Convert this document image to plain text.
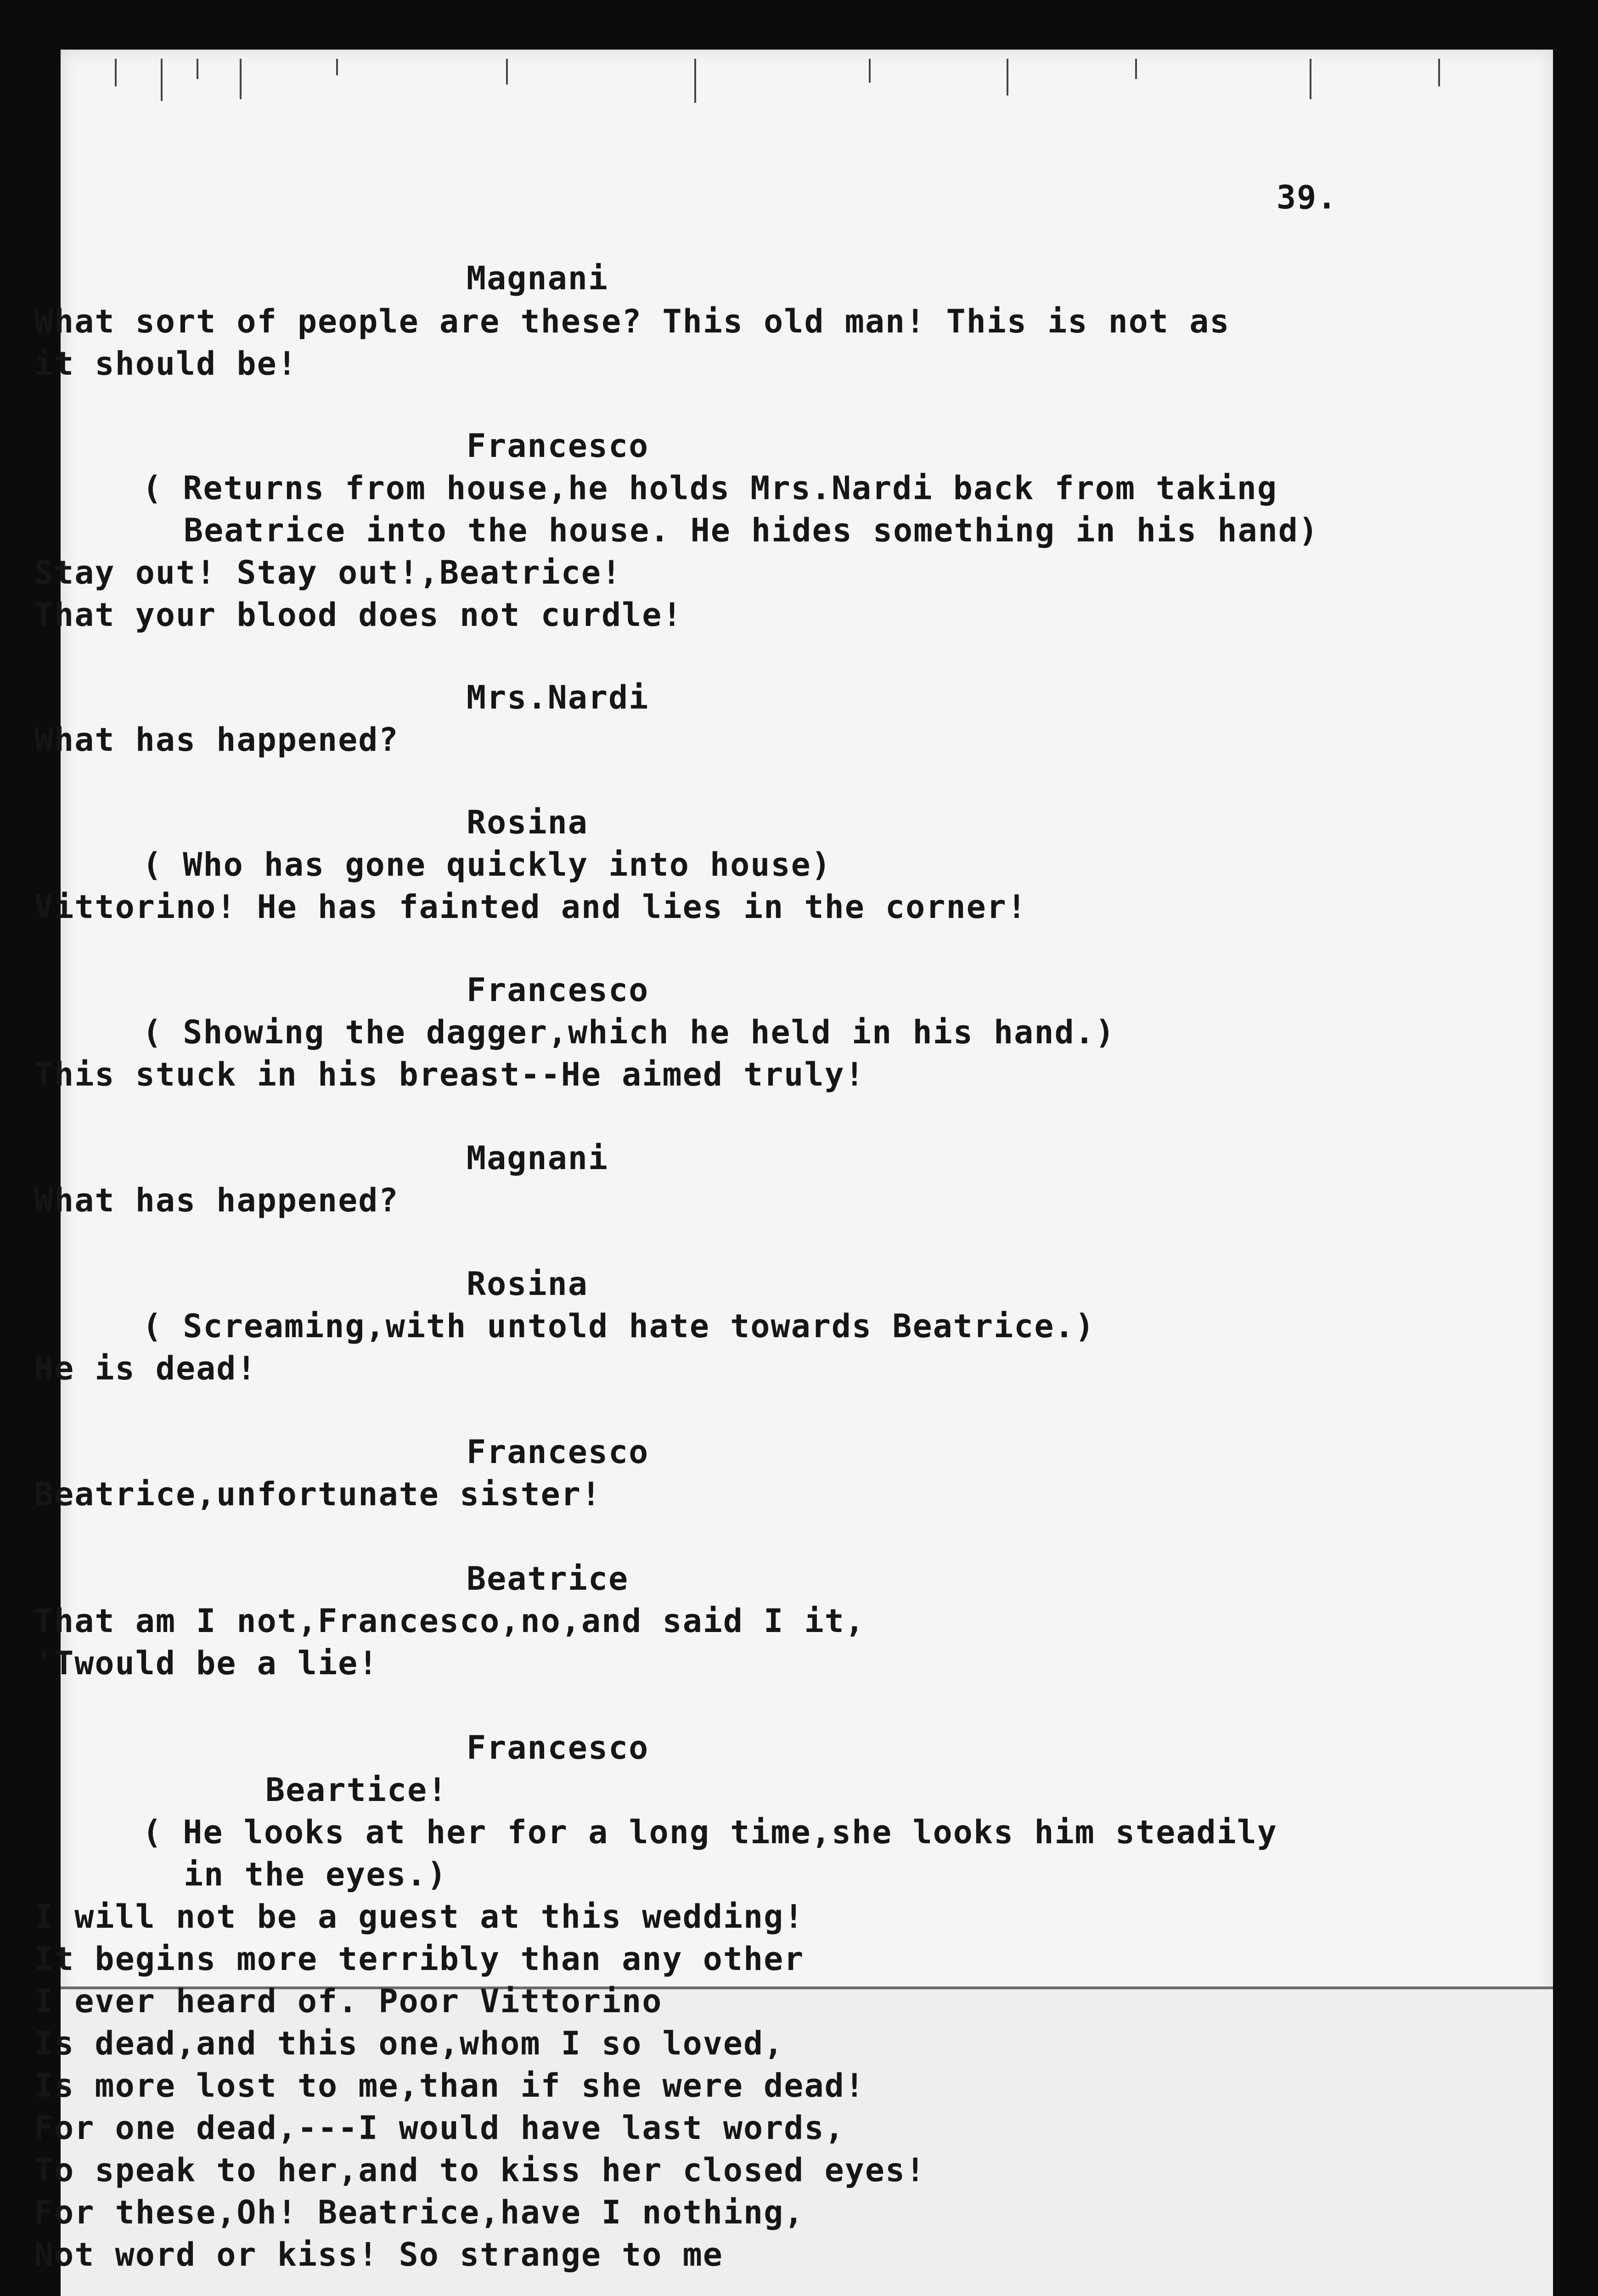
39.
Magnani
What sort of people are these? This old man! This is not as
it should be!
Francesco
( Returns from house,he holds Mrs.Nardi back from taking
Beatrice into the house. He hides something in his hand)
Stay out! Stay out!,Beatrice!
That your blood does not curdle!
Mrs.Nardi
What has happened?
Rosina
( Who has gone quickly into house)
Vittorino! He has fainted and lies in the corner!
Francesco
( Showing the dagger,which he held in his hand.)
This stuck in his breast--He aimed truly!
Magnani
What has happened?
Rosina
( Screaming,with untold hate towards Beatrice.)
He is dead!
Francesco
Beatrice,unfortunate sister!
Beatrice
That am I not,Francesco,no,and said I it,
'Twould be a lie!
Francesco
Beartice!
( He looks at her for a long time,she looks him steadily
in the eyes.)
I will not be a guest at this wedding!
It begins more terribly than any other
I ever heard of. Poor Vittorino
Is dead,and this one,whom I so loved,
Is more lost to me,than if she were dead!
For one dead,---I would have last words,
To speak to her,and to kiss her closed eyes!
For these,Oh! Beatrice,have I nothing,
Not word or kiss! So strange to me
